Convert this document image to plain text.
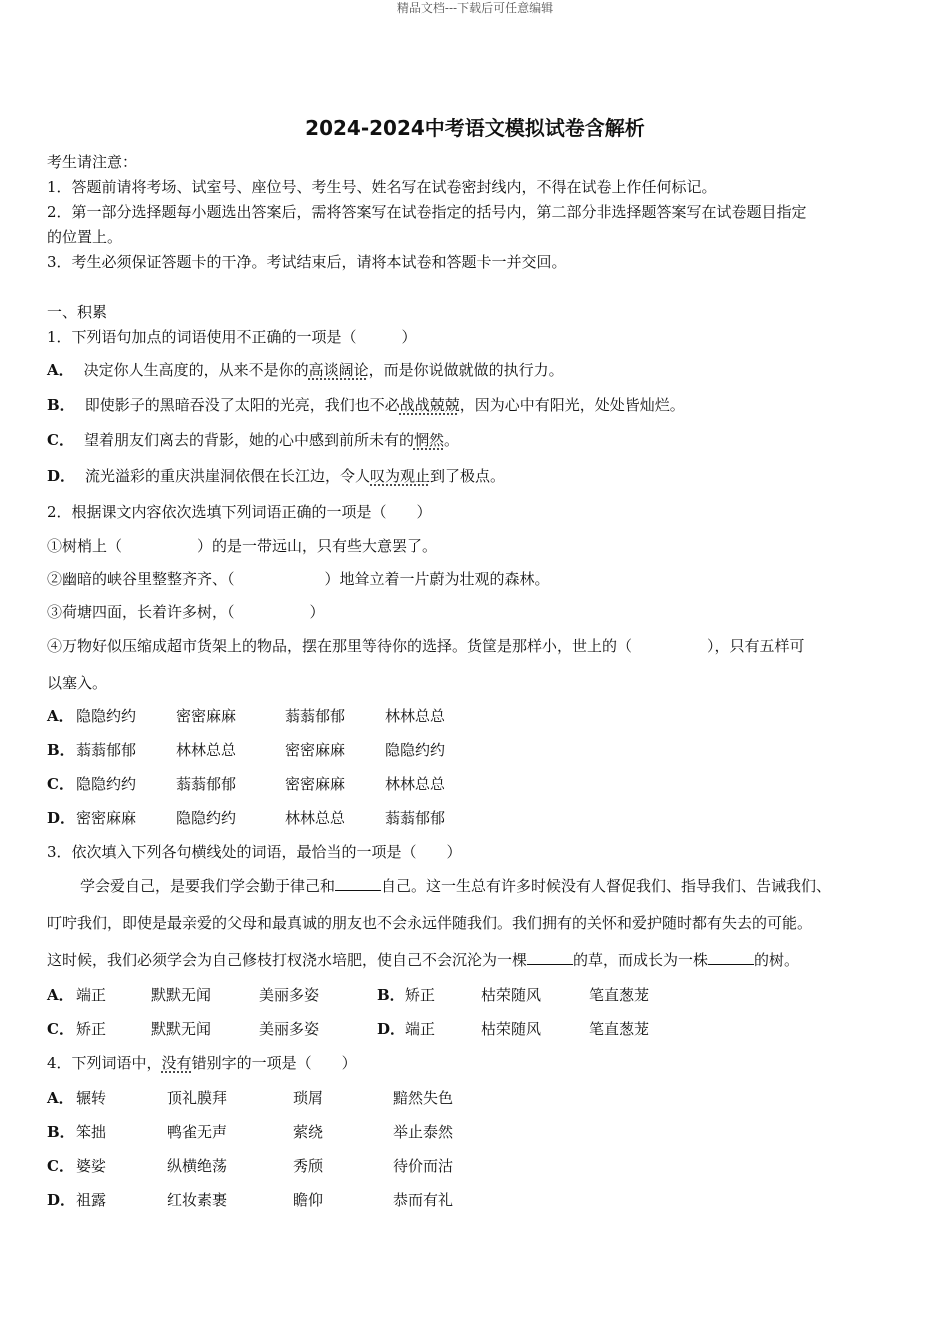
精品文档---下载后可任意编辑
2024-2024中考语文模拟试卷含解析
考生请注意：
1．答题前请将考场、试室号、座位号、考生号、姓名写在试卷密封线内，不得在试卷上作任何标记。
2．第一部分选择题每小题选出答案后，需将答案写在试卷指定的括号内，第二部分非选择题答案写在试卷题目指定
的位置上。
3．考生必须保证答题卡的干净。考试结束后，请将本试卷和答题卡一并交回。
一、积累
1．下列语句加点的词语使用不正确的一项是（　　　）
A． 决定你人生高度的，从来不是你的高谈阔论，而是你说做就做的执行力。
B． 即使影子的黑暗吞没了太阳的光亮，我们也不必战战兢兢，因为心中有阳光，处处皆灿烂。
C． 望着朋友们离去的背影，她的心中感到前所未有的惘然。
D． 流光溢彩的重庆洪崖洞依偎在长江边，令人叹为观止到了极点。
2．根据课文内容依次选填下列词语正确的一项是（　　）
①树梢上（　　　　　）的是一带远山，只有些大意罢了。
②幽暗的峡谷里整整齐齐、（　　　　　　）地耸立着一片蔚为壮观的森林。
③荷塘四面，长着许多树，（　　　　　）
④万物好似压缩成超市货架上的物品，摆在那里等待你的选择。货筐是那样小，世上的（　　　　　），只有五样可
以塞入。
A． 隐隐约约	密密麻麻	蓊蓊郁郁	林林总总
B． 蓊蓊郁郁	林林总总	密密麻麻	隐隐约约
C． 隐隐约约	蓊蓊郁郁	密密麻麻	林林总总
D． 密密麻麻	隐隐约约	林林总总	蓊蓊郁郁
3．依次填入下列各句横线处的词语，最恰当的一项是（　　）
学会爱自己，是要我们学会勤于律己和	自己。这一生总有许多时候没有人督促我们、指导我们、告诫我们、
叮咛我们，即使是最亲爱的父母和最真诚的朋友也不会永远伴随我们。我们拥有的关怀和爱护随时都有失去的可能。
这时候，我们必须学会为自己修枝打杈浇水培肥，使自己不会沉沦为一棵	的草，而成长为一株	的树。
A． 端正	默默无闻	美丽多姿	B． 矫正	枯荣随风	笔直葱茏
C． 矫正	默默无闻	美丽多姿	D． 端正	枯荣随风	笔直葱茏
4．下列词语中，没有错别字的一项是（　　）
A． 辗转	顶礼膜拜	琐屑	黯然失色
B． 笨拙	鸭雀无声	萦绕	举止泰然
C． 婆娑	纵横绝荡	秀颀	待价而沽
D． 祖露	红妆素裹	瞻仰	恭而有礼
